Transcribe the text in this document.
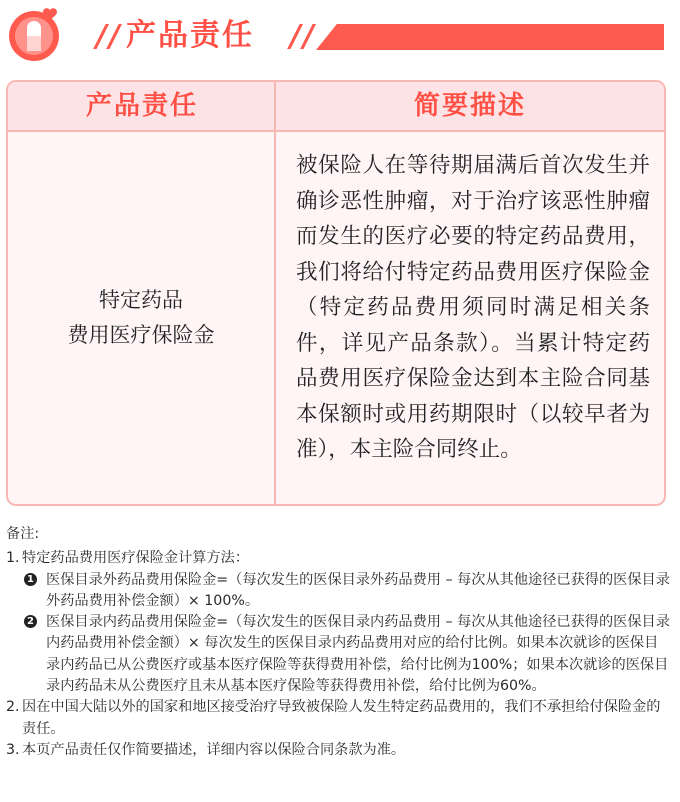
/ / 产品责任 / /
产品责任	简要描述
特定药品
费用医疗保险金
被保险人在等待期届满后首次发生并确诊恶性肿瘤，对于治疗该恶性肿瘤而发生的医疗必要的特定药品费用，我们将给付特定药品费用医疗保险金（特定药品费用须同时满足相关条件，详见产品条款）。当累计特定药品费用医疗保险金达到本主险合同基本保额时或用药期限时（以较早者为准），本主险合同终止。
备注:
1. 特定药品费用医疗保险金计算方法：
1 医保目录外药品费用保险金=（每次发生的医保目录外药品费用 – 每次从其他途径已获得的医保目录外药品费用补偿金额）× 100%。
2 医保目录内药品费用保险金=（每次发生的医保目录内药品费用 – 每次从其他途径已获得的医保目录内药品费用补偿金额）× 每次发生的医保目录内药品费用对应的给付比例。如果本次就诊的医保目录内药品已从公费医疗或基本医疗保险等获得费用补偿，给付比例为100%；如果本次就诊的医保目录内药品未从公费医疗且未从基本医疗保险等获得费用补偿，给付比例为60%。
2. 因在中国大陆以外的国家和地区接受治疗导致被保险人发生特定药品费用的，我们不承担给付保险金的责任。
3. 本页产品责任仅作简要描述，详细内容以保险合同条款为准。
